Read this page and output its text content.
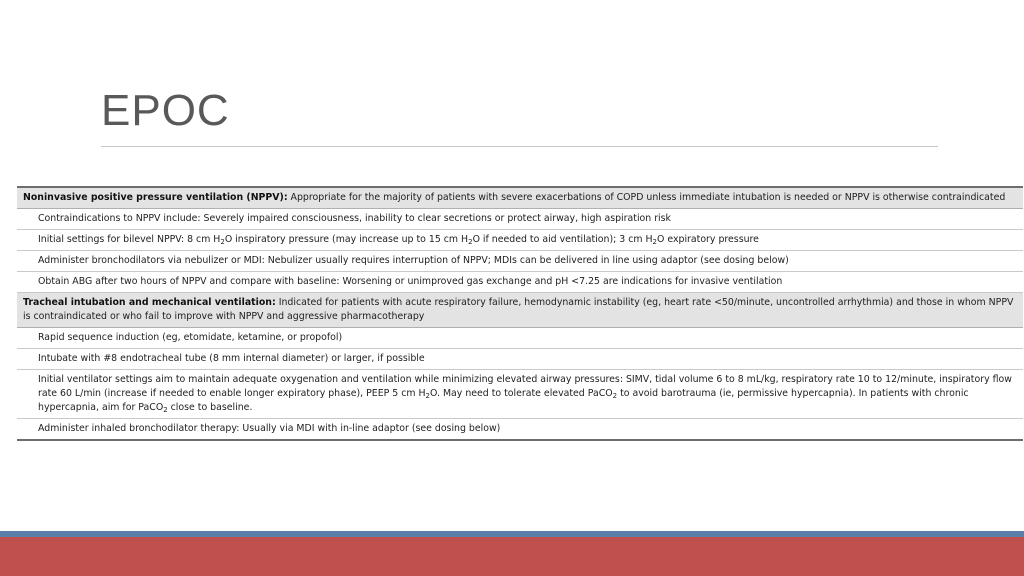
EPOC
Noninvasive positive pressure ventilation (NPPV): Appropriate for the majority of patients with severe exacerbations of COPD unless immediate intubation is needed or NPPV is otherwise contraindicated
Contraindications to NPPV include: Severely impaired consciousness, inability to clear secretions or protect airway, high aspiration risk
Initial settings for bilevel NPPV: 8 cm $H_2O$ inspiratory pressure (may increase up to 15 cm $H_2O$ if needed to aid ventilation); 3 cm $H_2O$ expiratory pressure
Administer bronchodilators via nebulizer or MDI: Nebulizer usually requires interruption of NPPV; MDIs can be delivered in line using adaptor (see dosing below)
Obtain ABG after two hours of NPPV and compare with baseline: Worsening or unimproved gas exchange and pH <7.25 are indications for invasive ventilation
Tracheal intubation and mechanical ventilation: Indicated for patients with acute respiratory failure, hemodynamic instability (eg, heart rate <50/minute, uncontrolled arrhythmia) and those in whom NPPV is contraindicated or who fail to improve with NPPV and aggressive pharmacotherapy
Rapid sequence induction (eg, etomidate, ketamine, or propofol)
Intubate with #8 endotracheal tube (8 mm internal diameter) or larger, if possible
Initial ventilator settings aim to maintain adequate oxygenation and ventilation while minimizing elevated airway pressures: SIMV, tidal volume 6 to 8 mL/kg, respiratory rate 10 to 12/minute, inspiratory flow rate 60 L/min (increase if needed to enable longer expiratory phase), PEEP 5 cm $H_2O$. May need to tolerate elevated PaCO$_2$ to avoid barotrauma (ie, permissive hypercapnia). In patients with chronic hypercapnia, aim for PaCO$_2$ close to baseline.
Administer inhaled bronchodilator therapy: Usually via MDI with in-line adaptor (see dosing below)
